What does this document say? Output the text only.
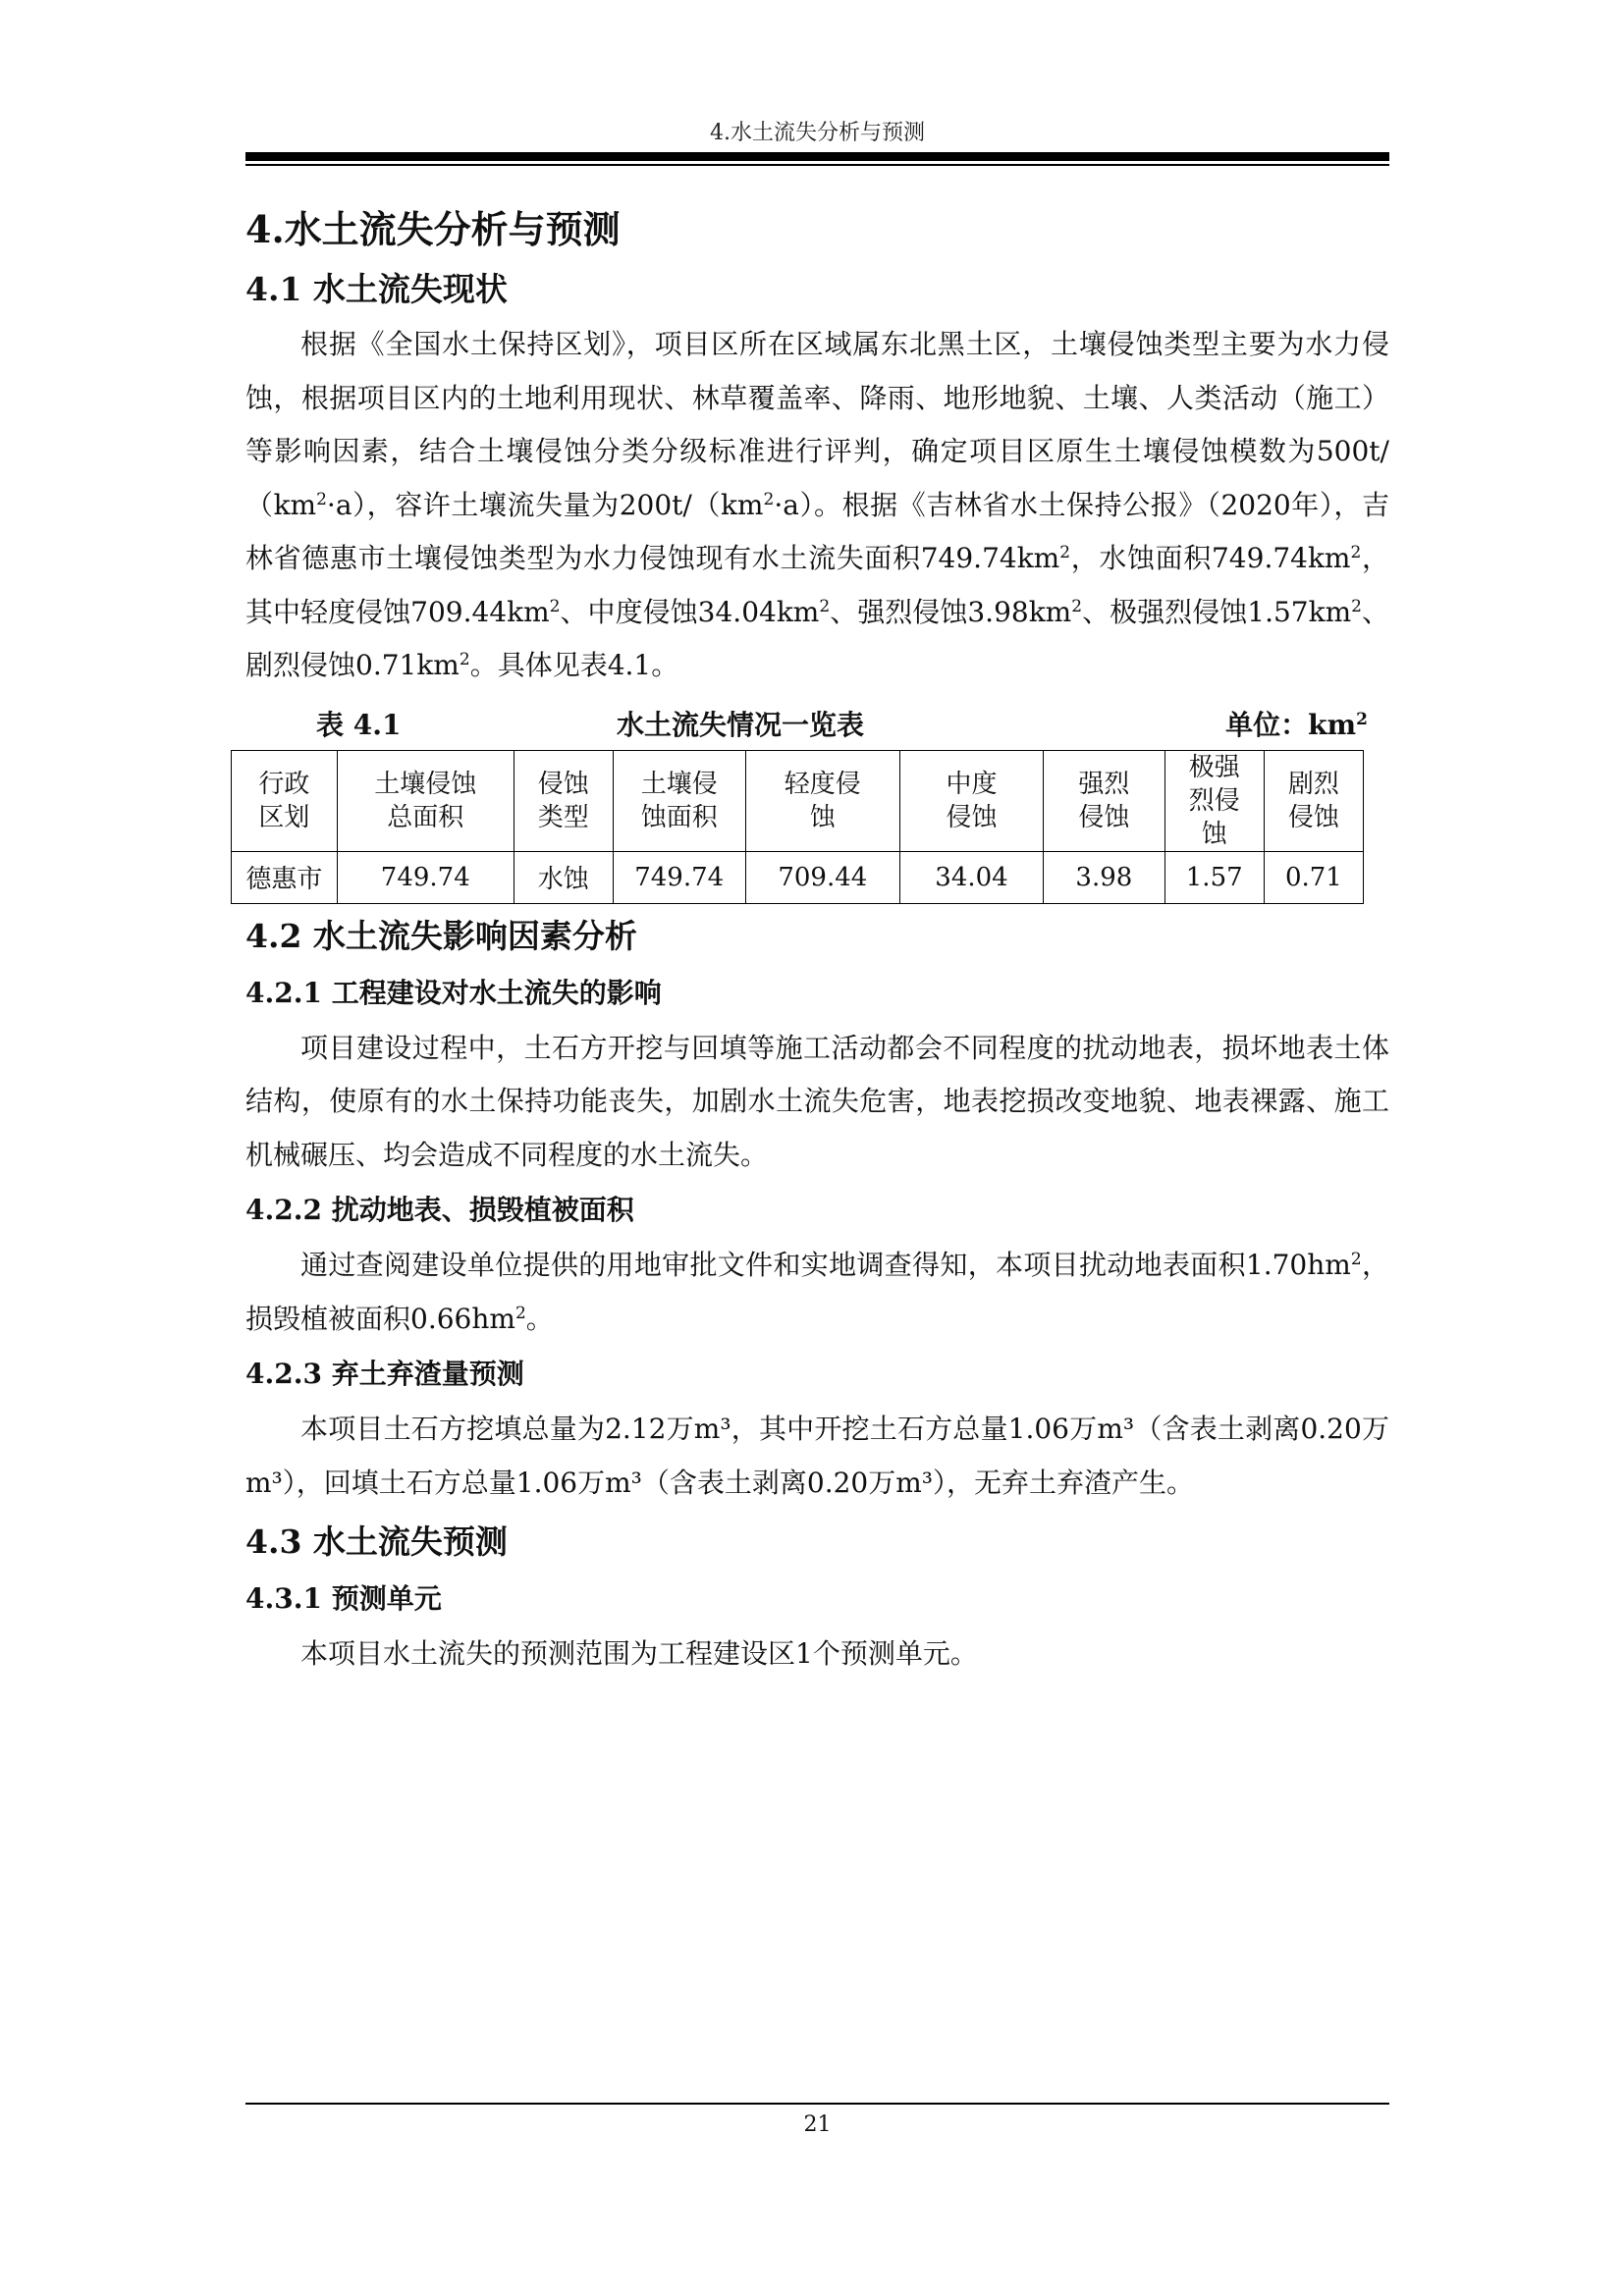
4.水土流失分析与预测
4.水土流失分析与预测
4.1 水土流失现状

根据《全国水土保持区划》，项目区所在区域属东北黑土区，土壤侵蚀类型主要为水力侵蚀，根据项目区内的土地利用现状、林草覆盖率、降雨、地形地貌、土壤、人类活动（施工）等影响因素，结合土壤侵蚀分类分级标准进行评判，确定项目区原生土壤侵蚀模数为$500t/(km^2\cdot a)$，容许土壤流失量为$200t/(km^2\cdot a)$。根据《吉林省水土保持公报》（2020年），吉林省德惠市土壤侵蚀类型为水力侵蚀现有水土流失面积$749.74km^2$，水蚀面积$749.74km^2$，其中轻度侵蚀$709.44km^2$、中度侵蚀$34.04km^2$、强烈侵蚀$3.98km^2$、极强烈侵蚀$1.57km^2$、剧烈侵蚀$0.71km^2$。具体见表4.1。

表 4.1	水土流失情况一览表	单位：$km^2$
行政区划	土壤侵蚀总面积	侵蚀类型	土壤侵蚀面积	轻度侵蚀	中度侵蚀	强烈侵蚀	极强烈侵蚀	剧烈侵蚀
德惠市	749.74	水蚀	749.74	709.44	34.04	3.98	1.57	0.71
4.2 水土流失影响因素分析
4.2.1 工程建设对水土流失的影响

项目建设过程中，土石方开挖与回填等施工活动都会不同程度的扰动地表，损坏地表土体结构，使原有的水土保持功能丧失，加剧水土流失危害，地表挖损改变地貌、地表裸露、施工机械碾压、均会造成不同程度的水土流失。

4.2.2 扰动地表、损毁植被面积

通过查阅建设单位提供的用地审批文件和实地调查得知，本项目扰动地表面积$1.70hm^2$，损毁植被面积$0.66hm^2$。

4.2.3 弃土弃渣量预测

本项目土石方挖填总量为2.12万m³，其中开挖土石方总量1.06万m³（含表土剥离0.20万m³），回填土石方总量1.06万m³（含表土剥离0.20万m³），无弃土弃渣产生。

4.3 水土流失预测
4.3.1 预测单元

本项目水土流失的预测范围为工程建设区1个预测单元。

21
